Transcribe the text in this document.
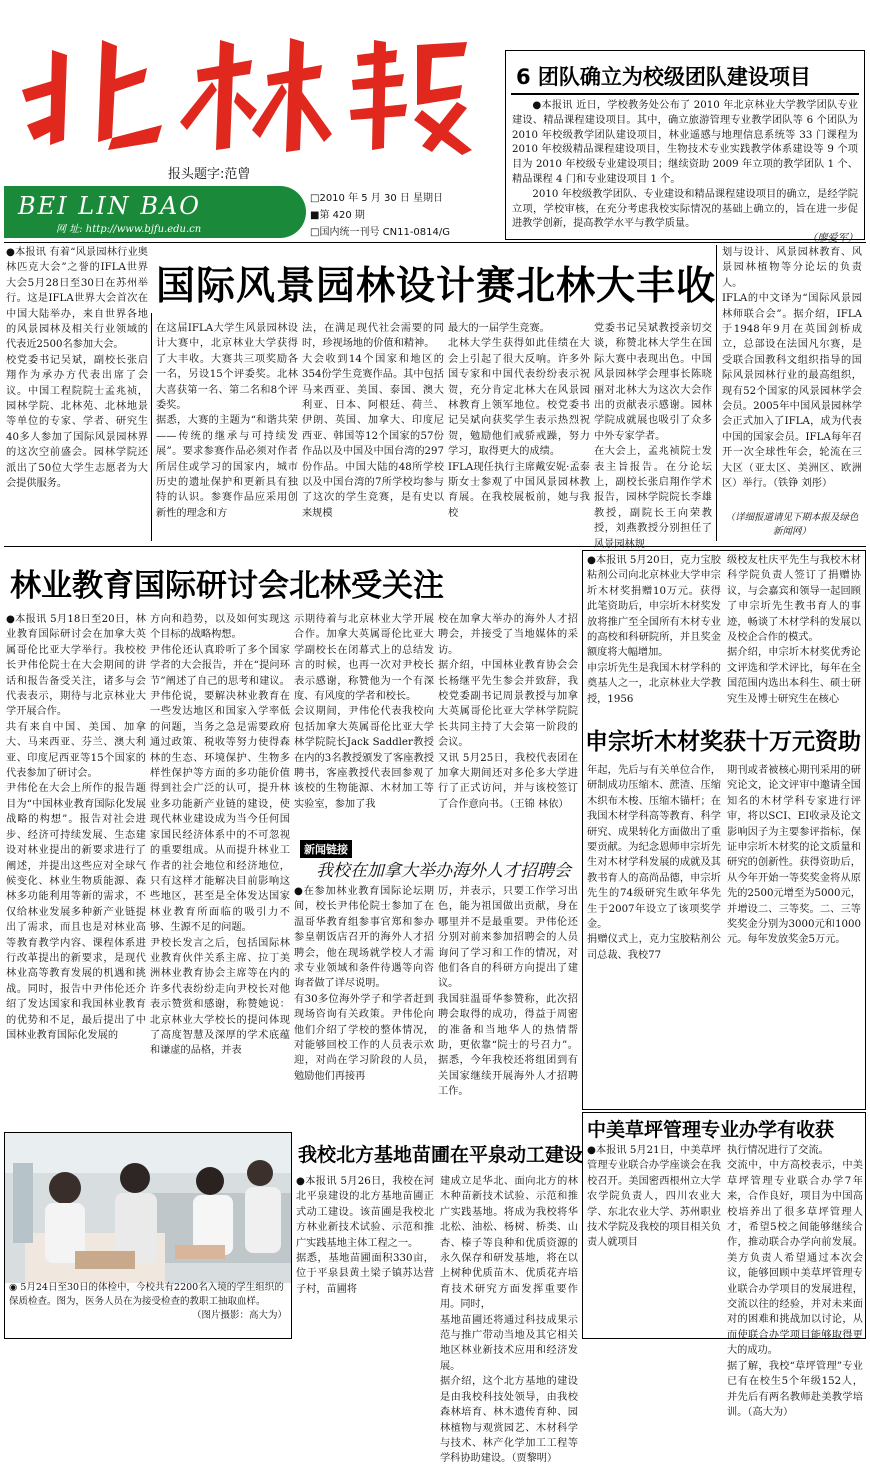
报头题字:范曾
BEI LIN BAO
网 址: http://www.bjfu.edu.cn
□2010 年 5 月 30 日 星期日
■第 420 期
□国内统一刊号 CN11-0814/G
6 团队确立为校级团队建设项目

●本报讯 近日，学校教务处公布了 2010 年北京林业大学教学团队专业建设、精品课程建设项目。其中，确立旅游管理专业教学团队等 6 个团队为 2010 年校级教学团队建设项目，林业遥感与地理信息系统等 33 门课程为 2010 年校级精品课程建设项目，生物技术专业实践教学体系建设等 9 个项目为 2010 年校级专业建设项目；继续资助 2009 年立项的教学团队 1 个、精品课程 4 门和专业建设项目 1 个。

2010 年校级教学团队、专业建设和精品课程建设项目的确立，是经学院立项，学校审核，在充分考虑我校实际情况的基础上确立的，旨在进一步促进教学创新，提高教学水平与教学质量。

（廖爱军）

国际风景园林设计赛北林大丰收
●本报讯 有着“风景园林行业奥林匹克大会”之誉的IFLA世界大会5月28日至30日在苏州举行。这是IFLA世界大会首次在中国大陆举办，来自世界各地的风景园林及相关行业领域的代表近2500名参加大会。
校党委书记吴斌，副校长张启翔作为承办方代表出席了会议。中国工程院院士孟兆祯，园林学院、北林苑、北林地景等单位的专家、学者、研究生40多人参加了国际风景园林界的这次空前盛会。园林学院还派出了50位大学生志愿者为大会提供服务。
在这届IFLA大学生风景园林设计大赛中，北京林业大学获得了大丰收。大赛共三项奖励各一名，另设15个评委奖。北林大喜获第一名、第二名和8个评委奖。
据悉，大赛的主题为“和谐共荣——传统的继承与可持续发展”。要求参赛作品必须对作者所居住或学习的国家内，城市历史的遗址保护和更新具有独特的认识。参赛作品应采用创新性的理念和方
法，在满足现代社会需要的同时，珍视场地的价值和精神。
大会收到14个国家和地区的354份学生竞赛作品。其中包括马来西亚、美国、泰国、澳大利亚、日本、阿根廷、荷兰、伊朗、英国、加拿大、印度尼西亚、韩国等12个国家的57份作品以及中国及中国台湾的297份作品。中国大陆的48所学校以及中国台湾的7所学校均参与了这次的学生竞赛，是有史以来规模
最大的一届学生竞赛。
北林大学生获得如此佳绩在大会上引起了很大反响。许多外国专家和中国代表纷纷表示祝贺，充分肯定北林大在风景园林教育上领军地位。校党委书记吴斌向获奖学生表示热烈祝贺，勉励他们戒骄戒躁，努力学习，取得更大的成绩。
IFLA现任执行主席戴安妮·孟泰斯女士参观了中国风景园林教育展。在我校展板前，她与我校
党委书记吴斌教授亲切交谈，称赞北林大学生在国际大赛中表现出色。中国风景园林学会理事长陈晓丽对北林大为这次大会作出的贡献表示感谢。园林学院成就展也吸引了众多中外专家学者。
在大会上，孟兆祯院士发表主旨报告。在分论坛上，副校长张启翔作学术报告，园林学院院长李雄教授，副院长王向荣教授，刘燕教授分别担任了风景园林规
划与设计、风景园林教育、风景园林植物等分论坛的负责人。
IFLA的中文译为“国际风景园林师联合会”。据介绍，IFLA于1948年9月在英国剑桥成立，总部设在法国凡尔赛，是受联合国教科文组织指导的国际风景园林行业的最高组织，现有52个国家的风景园林学会会员。2005年中国风景园林学会正式加入了IFLA，成为代表中国的国家会员。IFLA每年召开一次全球性年会，轮流在三大区（亚太区、美洲区、欧洲区）举行。（铁铮 刘彤）
（详细报道请见下期本报及绿色新闻网）
林业教育国际研讨会北林受关注
●本报讯 5月18日至20日，林业教育国际研讨会在加拿大英属哥伦比亚大学举行。我校校长尹伟伦院士在大会期间的讲话和报告备受关注，诸多与会代表表示，期待与北京林业大学开展合作。
共有来自中国、美国、加拿大、马来西亚、芬兰、澳大利亚、印度尼西亚等15个国家的代表参加了研讨会。
尹伟伦在大会上所作的报告题目为“中国林业教育国际化发展战略的构想”。报告对社会进步、经济可持续发展、生态建设对林业提出的新要求进行了阐述，并提出这些应对全球气候变化、林业生物质能源、森林多功能利用等新的需求，不仅给林业发展多种新产业链提出了需求，而且也是对林业高等教育教学内容、课程体系进行改革提出的新要求，是现代林业高等教育发展的机遇和挑战。同时，报告中尹伟伦还介绍了发达国家和我国林业教育的优势和不足，最后提出了中国林业教育国际化发展的
方向和趋势，以及如何实现这个目标的战略构想。
尹伟伦还认真聆听了多个国家学者的大会报告，并在“提问环节”阐述了自己的思考和建议。尹伟伦说，要解决林业教育在一些发达地区和国家入学率低的问题，当务之急是需要政府通过政策、税收等努力使得森林的生态、环境保护、生物多样性保护等方面的多功能价值得到社会广泛的认可，提升林业多功能新产业链的建设，使现代林业建设成为当今任何国家国民经济体系中的不可忽视的重要组成。从而提升林业工作者的社会地位和经济地位，只有这样才能解决目前影响这些地区，甚至是全体发达国家林业教育所面临的吸引力不够、生源不足的问题。
尹校长发言之后，包括国际林业教育伙伴关系主席、拉丁美洲林业教育协会主席等在内的许多代表纷纷走向尹校长对他表示赞赏和感谢，称赞她说：北京林业大学校长的提问体现了高度智慧及深厚的学术底蕴和谦虚的品格，并表
示期待着与北京林业大学开展合作。加拿大英属哥伦比亚大学副校长在闭幕式上的总结发言的时候，也再一次对尹校长表示感谢，称赞他为一个有深度、有风度的学者和校长。
会议期间，尹伟伦代表我校向包括加拿大英属哥伦比亚大学林学院院长Jack Saddler教授在内的3名教授颁发了客座教授聘书，客座教授代表回参观了该校的生物能源、木材加工等实验室，参加了我
校在加拿大举办的海外人才招聘会，并接受了当地媒体的采访。
据介绍，中国林业教育协会会长杨继平先生参会并致辞，我校党委副书记周景教授与加拿大英属哥伦比亚大学林学院院长共同主持了大会第一阶段的会议。
又讯 5月25日，我校代表团在加拿大期间还对多伦多大学进行了正式访问，并与该校签订了合作意向书。（王锦 林依）
新闻链接
我校在加拿大举办海外人才招聘会
●在参加林业教育国际论坛期间，校长尹伟伦院士参加了在温哥华教育组参事官郑和参办参皇朝饭店召开的海外人才招聘会，他在现场就学校人才需求专业领域和条件待遇等向咨询者做了详尽说明。
有30多位海外学子和学者赶到现场咨询有关政策。尹伟伦向他们介绍了学校的整体情况，对能够回校工作的人员表示欢迎，对尚在学习阶段的人员，勉励他们再接再
厉，并表示，只要工作学习出色，能为祖国做出贡献，身在哪里并不是最重要。尹伟伦还分别对前来参加招聘会的人员询问了学习和工作的情况，对他们各自的科研方向提出了建议。
我国驻温哥华参赞称，此次招聘会取得的成功，得益于周密的准备和当地华人的热情帮助，更依靠“院士的号召力”。据悉，今年我校还将组团到有关国家继续开展海外人才招聘工作。
●本报讯 5月20日，克力宝胶粘剂公司向北京林业大学申宗圻木材奖捐赠10万元。获得此笔资助后，申宗圻木材奖发放将推广至全国所有木材专业的高校和科研院所，并且奖金额度将大幅增加。
申宗圻先生是我国木材学科的奠基人之一，北京林业大学教授，1956
级校友杜庆平先生与我校木材科学院负责人签订了捐赠协议，与会嘉宾和领导一起回顾了申宗圻先生教书育人的事迹，畅谈了木材学科的发展以及校企合作的模式。
据介绍，申宗圻木材奖优秀论文评选和学术评比，每年在全国范围内选出本科生、硕士研究生及博士研究生在核心
申宗圻木材奖获十万元资助
年起，先后与有关单位合作，研制成功压缩木、蔗渣、压缩木织布木梭、压缩木锚杆；在我国木材学科高等教育、科学研究、成果转化方面做出了重要贡献。为纪念恩师申宗圻先生对木材学科发展的成就及其教书育人的高尚品德，申宗圻先生的74级研究生欧年华先生于2007年设立了该项奖学金。
捐赠仪式上，克力宝胶粘剂公司总裁、我校77
期刊或者被核心期刊采用的研究论文，论文评审中邀请全国知名的木材学科专家进行评审，将以SCI、EI收录及论文影响因子为主要参评指标，保证申宗圻木材奖的论文质量和研究的创新性。获得资助后，从今年开始一等奖奖金将从原先的2500元增至为5000元，并增设二、三等奖。二、三等奖奖金分别为3000元和1000元。每年发放奖金5万元。
中美草坪管理专业办学有收获
●本报讯 5月21日，中美草坪管理专业联合办学座谈会在我校召开。美国密西根州立大学农学院负责人，四川农业大学、东北农业大学、苏州职业技术学院及我校的项目相关负责人就项目
执行情况进行了交流。
交流中，中方高校表示，中美草坪管理专业联合办学7年来，合作良好，项目为中国高校培养出了很多草坪管理人才，希望5校之间能够继续合作，推动联合办学向前发展。美方负责人希望通过本次会议，能够回顾中美草坪管理专业联合办学项目的发展进程，交流以往的经验，并对未来面对的困难和挑战加以讨论，从而使联合办学项目能够取得更大的成功。
据了解，我校“草坪管理”专业已有在校生5个年级152人，并先后有两名教师赴美教学培训。（高大为）
◉ 5月24日至30日的体检中，今校共有2200名入境的学生组织的保质检查。图为，医务人员在为接受检查的教职工抽取血样。
（图片摄影：高大为）
我校北方基地苗圃在平泉动工建设
●本报讯 5月26日，我校在河北平泉建设的北方基地苗圃正式动工建设。该苗圃是我校北方林业新技术试验、示范和推广实践基地主体工程之一。
据悉，基地苗圃面积330亩，位于平泉县黄土梁子镇苏达营子村，苗圃将
建成立足华北、面向北方的林木种苗新技术试验、示范和推广实践基地。将成为我校将华北松、油松、杨树、桥类、山杏、榛子等良种和优质资源的永久保存和研发基地，将在以上树种优质苗木、优质花卉培育技术研究方面发挥重要作用。同时，
基地苗圃还将通过科技成果示范与推广带动当地及其它相关地区林业新技术应用和经济发展。
据介绍，这个北方基地的建设是由我校科技处领导，由我校森林培育、林木遗传育种、园林植物与观赏园艺、木材科学与技术、林产化学加工工程等学科协助建设。（贾黎明）
